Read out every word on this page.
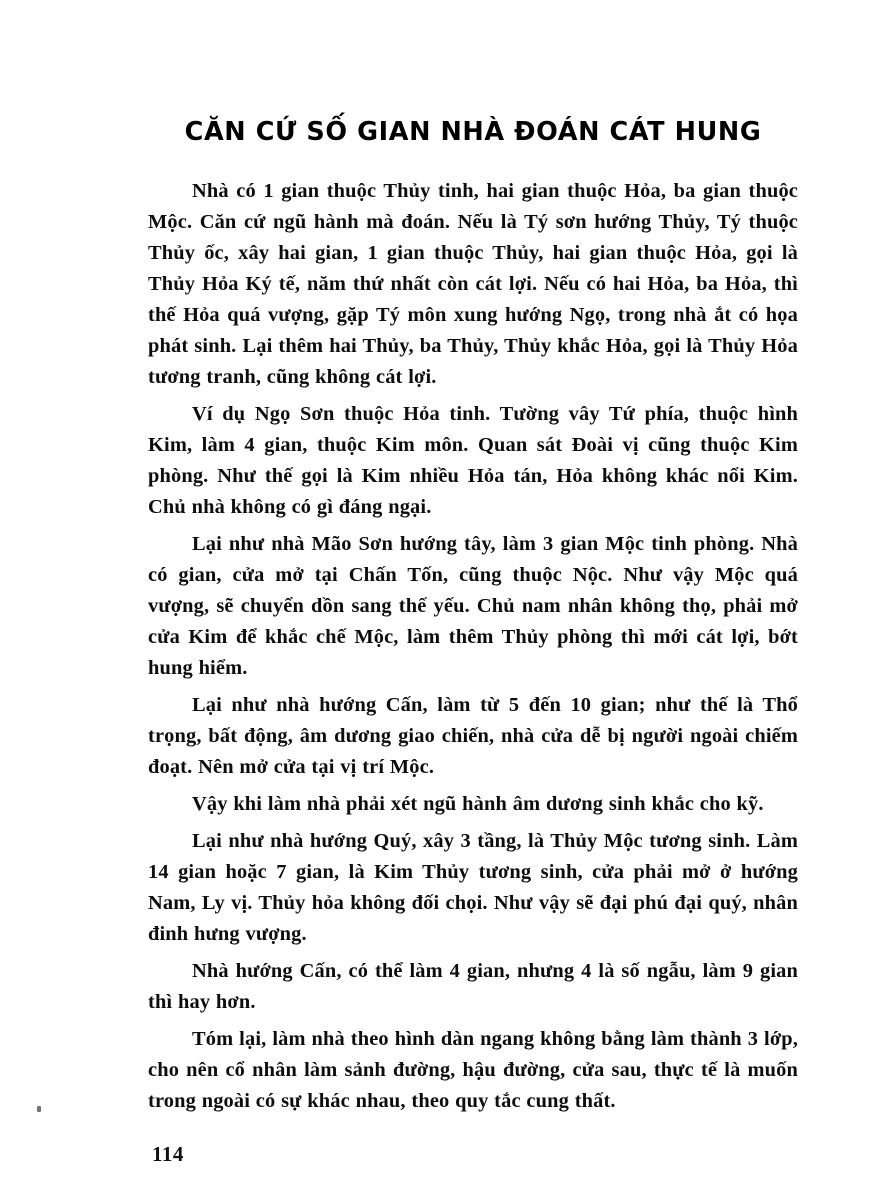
CĂN CỨ SỐ GIAN NHÀ ĐOÁN CÁT HUNG

Nhà có 1 gian thuộc Thủy tinh, hai gian thuộc Hỏa, ba gian thuộc Mộc. Căn cứ ngũ hành mà đoán. Nếu là Tý sơn hướng Thủy, Tý thuộc Thủy ốc, xây hai gian, 1 gian thuộc Thủy, hai gian thuộc Hỏa, gọi là Thủy Hỏa Ký tế, năm thứ nhất còn cát lợi. Nếu có hai Hỏa, ba Hỏa, thì thế Hỏa quá vượng, gặp Tý môn xung hướng Ngọ, trong nhà ắt có họa phát sinh. Lại thêm hai Thủy, ba Thủy, Thủy khắc Hỏa, gọi là Thủy Hỏa tương tranh, cũng không cát lợi.

Ví dụ Ngọ Sơn thuộc Hỏa tinh. Tường vây Tứ phía, thuộc hình Kim, làm 4 gian, thuộc Kim môn. Quan sát Đoài vị cũng thuộc Kim phòng. Như thế gọi là Kim nhiều Hỏa tán, Hỏa không khác nổi Kim. Chủ nhà không có gì đáng ngại.

Lại như nhà Mão Sơn hướng tây, làm 3 gian Mộc tinh phòng. Nhà có gian, cửa mở tại Chấn Tốn, cũng thuộc Nộc. Như vậy Mộc quá vượng, sẽ chuyển dồn sang thế yếu. Chủ nam nhân không thọ, phải mở cửa Kim để khắc chế Mộc, làm thêm Thủy phòng thì mới cát lợi, bớt hung hiểm.

Lại như nhà hướng Cấn, làm từ 5 đến 10 gian; như thế là Thổ trọng, bất động, âm dương giao chiến, nhà cửa dễ bị người ngoài chiếm đoạt. Nên mở cửa tại vị trí Mộc.

Vậy khi làm nhà phải xét ngũ hành âm dương sinh khắc cho kỹ.

Lại như nhà hướng Quý, xây 3 tầng, là Thủy Mộc tương sinh. Làm 14 gian hoặc 7 gian, là Kim Thủy tương sinh, cửa phải mở ở hướng Nam, Ly vị. Thủy hỏa không đối chọi. Như vậy sẽ đại phú đại quý, nhân đinh hưng vượng.

Nhà hướng Cấn, có thể làm 4 gian, nhưng 4 là số ngẫu, làm 9 gian thì hay hơn.

Tóm lại, làm nhà theo hình dàn ngang không bằng làm thành 3 lớp, cho nên cổ nhân làm sảnh đường, hậu đường, cửa sau, thực tế là muốn trong ngoài có sự khác nhau, theo quy tắc cung thất.

114
